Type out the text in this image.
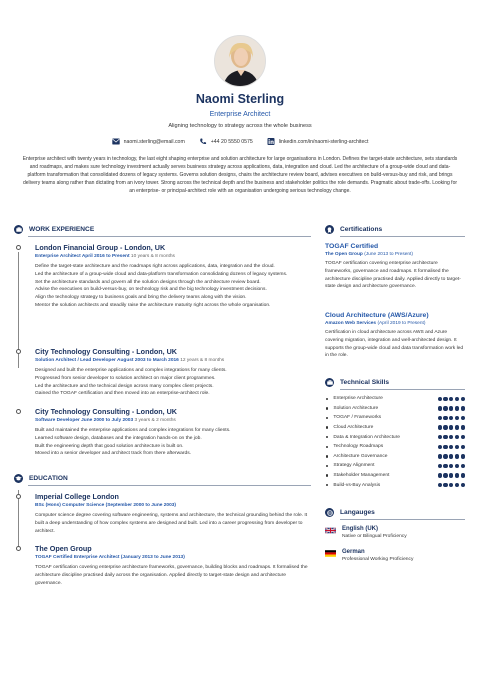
Naomi Sterling
Enterprise Architect
Aligning technology to strategy across the whole business
naomi.sterling@email.com	+44 20 5550 0575	linkedin.com/in/naomi-sterling-architect
Enterprise architect with twenty years in technology, the last eight shaping enterprise and solution architecture for large organisations in London. Defines the target-state architecture, sets standards and roadmaps, and makes sure technology investment actually serves business strategy across applications, data, integration and cloud. Led the architecture of a group-wide cloud and data-platform transformation that consolidated dozens of legacy systems. Governs solution designs, chairs the architecture review board, advises executives on build-versus-buy and risk, and brings delivery teams along rather than dictating from an ivory tower. Strong across the technical depth and the business and stakeholder politics the role demands. Pragmatic about trade-offs. Looking for an enterprise- or principal-architect role with an organisation undergoing serious technology change.
WORK EXPERIENCE
London Financial Group - London, UK
Enterprise Architect April 2016 to Present 10 years & 8 months
Define the target-state architecture and the roadmaps right across applications, data, integration and the cloud.
Led the architecture of a group-wide cloud and data-platform transformation consolidating dozens of legacy systems.
Set the architecture standards and govern all the solution designs through the architecture review board.
Advise the executives on build-versus-buy, on technology risk and the big technology investment decisions.
Align the technology strategy to business goals and bring the delivery teams along with the vision.
Mentor the solution architects and steadily raise the architecture maturity right across the whole organisation.
City Technology Consulting - London, UK
Solution Architect / Lead Developer August 2003 to March 2016 12 years & 8 months
Designed and built the enterprise applications and complex integrations for many clients.
Progressed from senior developer to solution architect on major client programmes.
Led the architecture and the technical design across many complex client projects.
Gained the TOGAF certification and then moved into an enterprise-architect role.
City Technology Consulting - London, UK
Software Developer June 2000 to July 2003 3 years & 2 months
Built and maintained the enterprise applications and complex integrations for many clients.
Learned software design, databases and the integration hands-on on the job.
Built the engineering depth that good solution architecture is built on.
Moved into a senior developer and architect track from there afterwards.
EDUCATION
Imperial College London
BSc (Hons) Computer Science (September 2000 to June 2003)
Computer science degree covering software engineering, systems and architecture, the technical grounding behind the role. It built a deep understanding of how complex systems are designed and built. Led into a career progressing from developer to architect.
The Open Group
TOGAF Certified Enterprise Architect (January 2013 to June 2013)
TOGAF certification covering enterprise architecture frameworks, governance, building blocks and roadmaps. It formalised the architecture discipline practised daily across the organisation. Applied directly to target-state design and architecture governance.
Certifications
TOGAF Certified
The Open Group (June 2013 to Present)
TOGAF certification covering enterprise architecture frameworks, governance and roadmaps. It formalised the architecture discipline practised daily. Applied directly to target-state design and architecture governance.
Cloud Architecture (AWS/Azure)
Amazon Web Services (April 2019 to Present)
Certification in cloud architecture across AWS and Azure covering migration, integration and well-architected design. It supports the group-wide cloud and data transformation work led in the role.
Technical Skills
Enterprise Architecture
Solution Architecture
TOGAF / Frameworks
Cloud Architecture
Data & Integration Architecture
Technology Roadmaps
Architecture Governance
Strategy Alignment
Stakeholder Management
Build-vs-Buy Analysis
Langauges
English (UK)
Native or Bilingual Proficiency
German
Professional Working Proficiency
